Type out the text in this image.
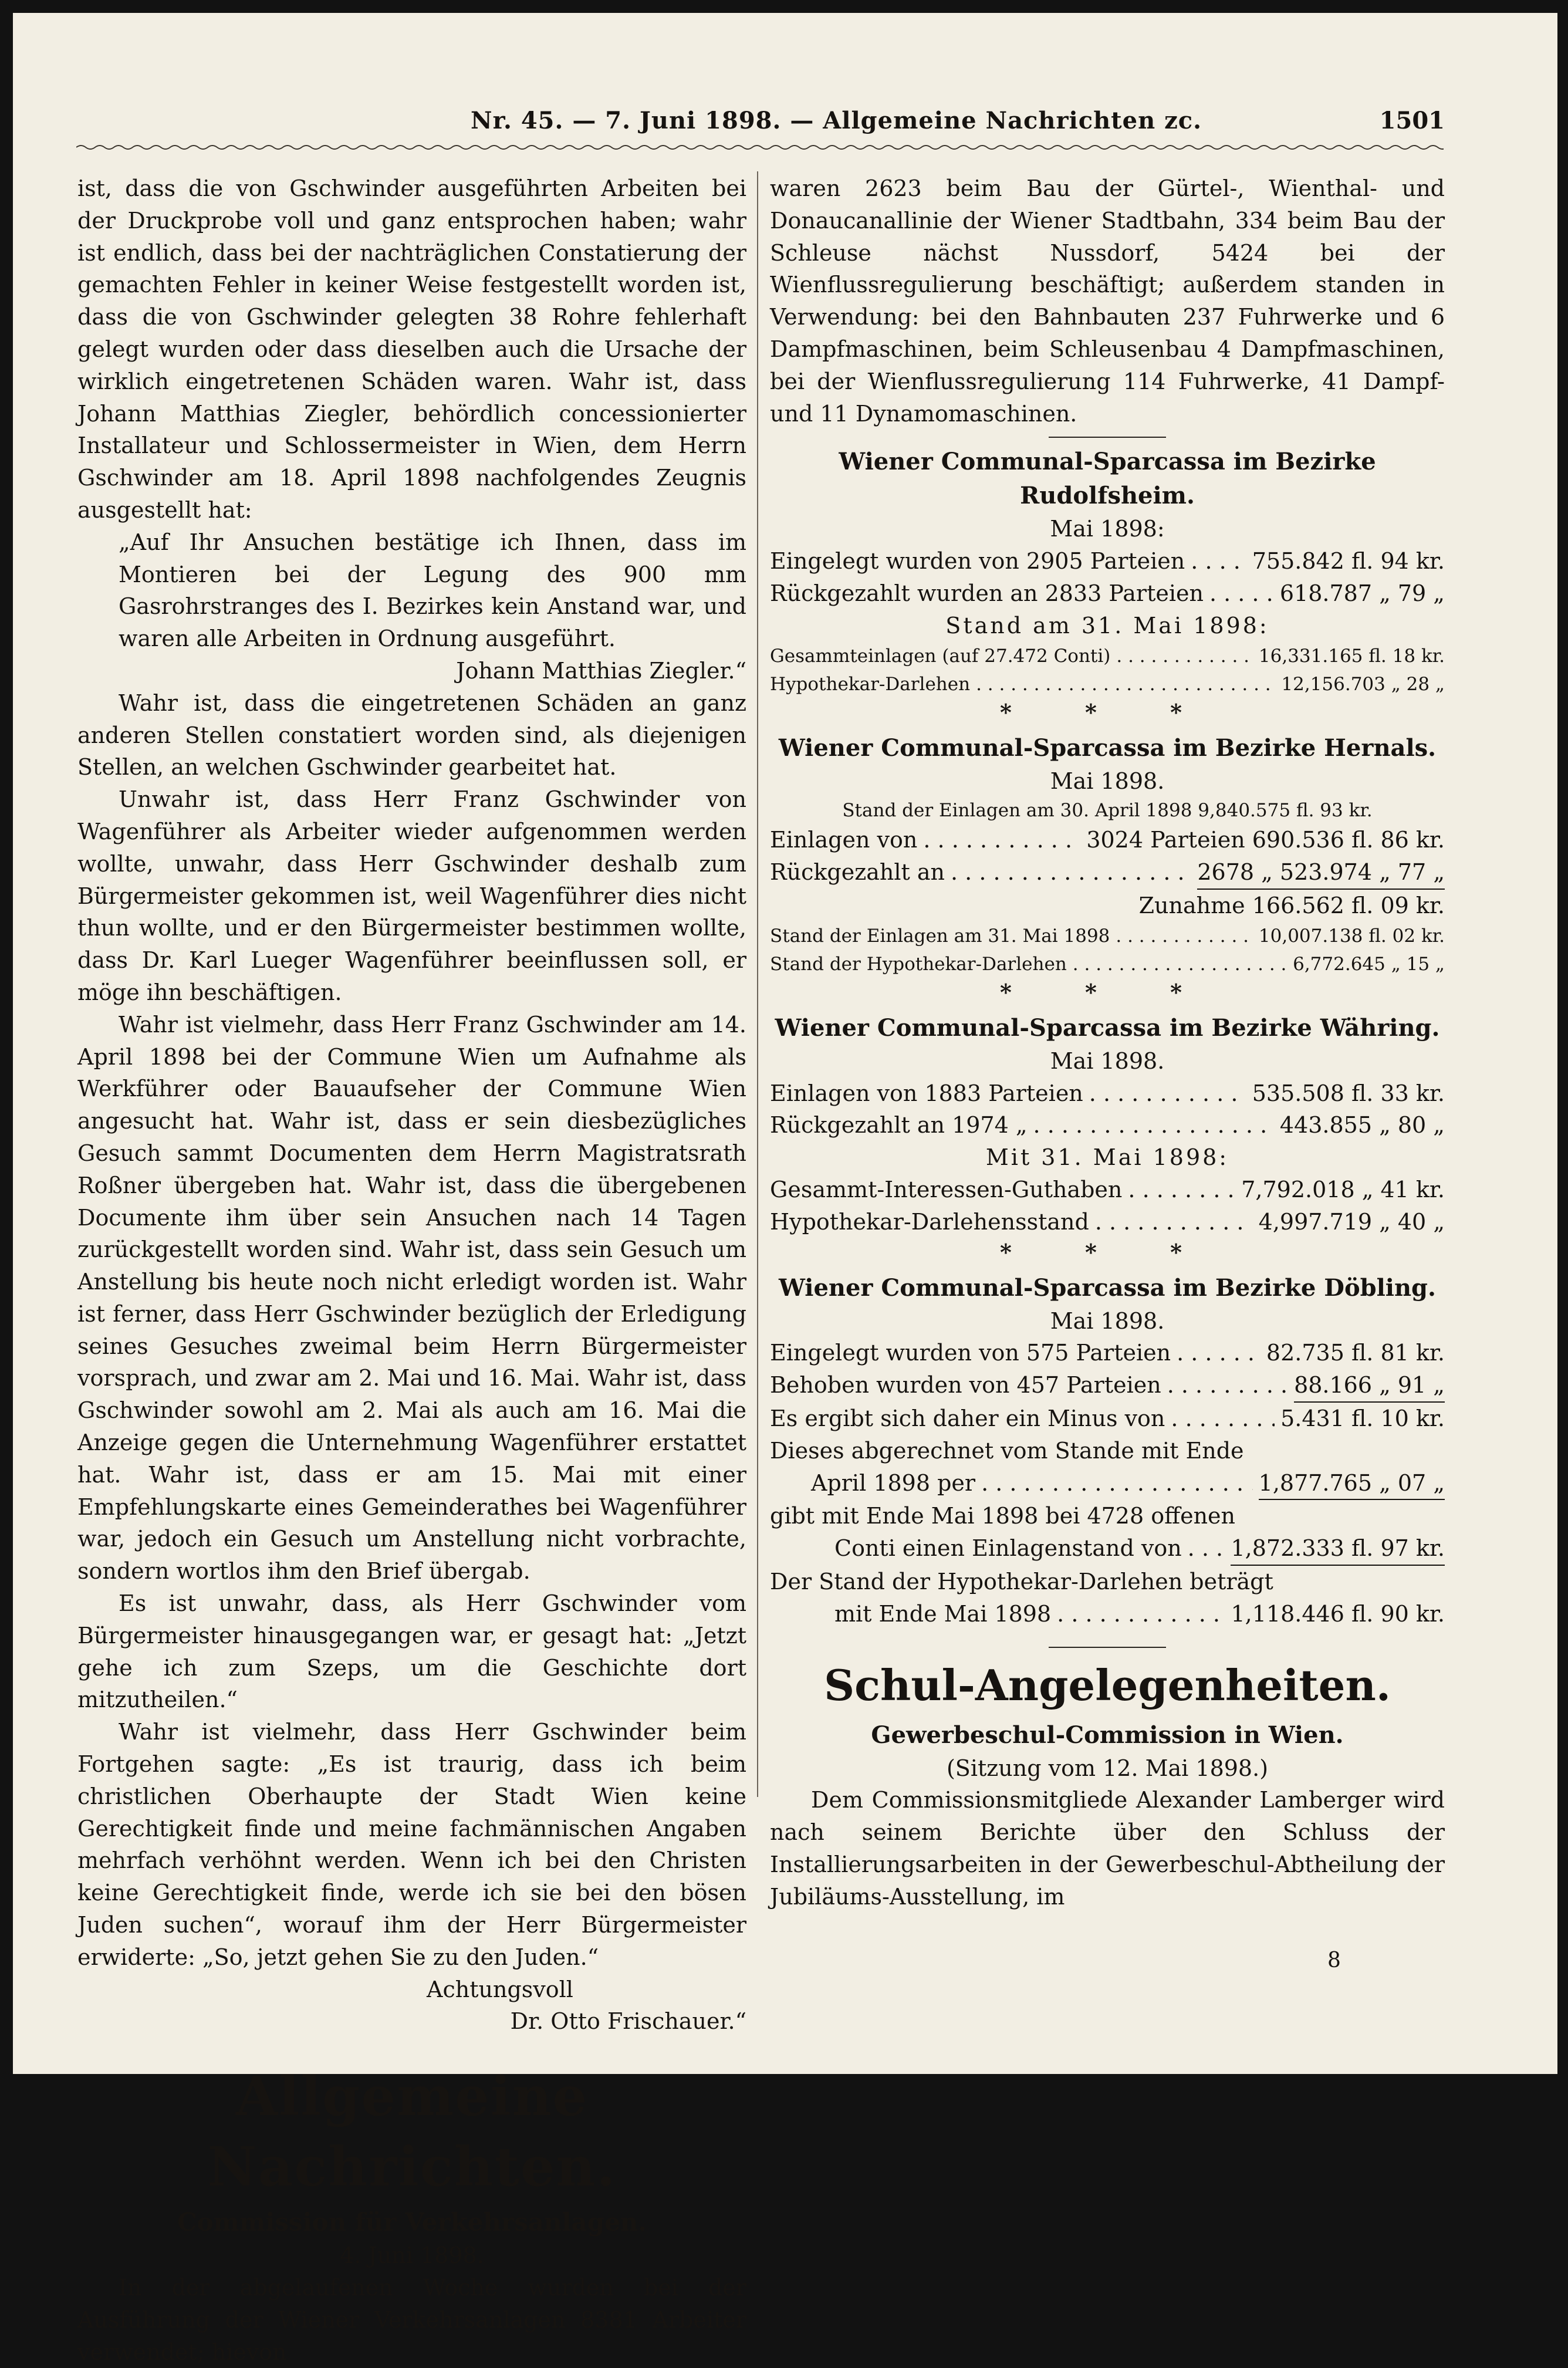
Nr. 45. — 7. Juni 1898. — Allgemeine Nachrichten zc.	1501

ist, dass die von Gschwinder ausgeführten Arbeiten bei der Druckprobe voll und ganz entsprochen haben; wahr ist endlich, dass bei der nachträglichen Constatierung der gemachten Fehler in keiner Weise festgestellt worden ist, dass die von Gschwinder gelegten 38 Rohre fehlerhaft gelegt wurden oder dass dieselben auch die Ursache der wirklich eingetretenen Schäden waren. Wahr ist, dass Johann Matthias Ziegler, behördlich concessionierter Installateur und Schlossermeister in Wien, dem Herrn Gschwinder am 18. April 1898 nachfolgendes Zeugnis ausgestellt hat:

„Auf Ihr Ansuchen bestätige ich Ihnen, dass im Montieren bei der Legung des 900 mm Gasrohrstranges des I. Bezirkes kein Anstand war, und waren alle Arbeiten in Ordnung ausgeführt.

Johann Matthias Ziegler.“

Wahr ist, dass die eingetretenen Schäden an ganz anderen Stellen constatiert worden sind, als diejenigen Stellen, an welchen Gschwinder gearbeitet hat.

Unwahr ist, dass Herr Franz Gschwinder von Wagenführer als Arbeiter wieder aufgenommen werden wollte, unwahr, dass Herr Gschwinder deshalb zum Bürgermeister gekommen ist, weil Wagenführer dies nicht thun wollte, und er den Bürgermeister bestimmen wollte, dass Dr. Karl Lueger Wagenführer beeinflussen soll, er möge ihn beschäftigen.

Wahr ist vielmehr, dass Herr Franz Gschwinder am 14. April 1898 bei der Commune Wien um Aufnahme als Werkführer oder Bauaufseher der Commune Wien angesucht hat. Wahr ist, dass er sein diesbezügliches Gesuch sammt Documenten dem Herrn Magistratsrath Roßner übergeben hat. Wahr ist, dass die übergebenen Documente ihm über sein Ansuchen nach 14 Tagen zurückgestellt worden sind. Wahr ist, dass sein Gesuch um Anstellung bis heute noch nicht erledigt worden ist. Wahr ist ferner, dass Herr Gschwinder bezüglich der Erledigung seines Gesuches zweimal beim Herrn Bürgermeister vorsprach, und zwar am 2. Mai und 16. Mai. Wahr ist, dass Gschwinder sowohl am 2. Mai als auch am 16. Mai die Anzeige gegen die Unternehmung Wagenführer erstattet hat. Wahr ist, dass er am 15. Mai mit einer Empfehlungskarte eines Gemeinderathes bei Wagenführer war, jedoch ein Gesuch um Anstellung nicht vorbrachte, sondern wortlos ihm den Brief übergab.

Es ist unwahr, dass, als Herr Gschwinder vom Bürgermeister hinausgegangen war, er gesagt hat: „Jetzt gehe ich zum Szeps, um die Geschichte dort mitzutheilen.“

Wahr ist vielmehr, dass Herr Gschwinder beim Fortgehen sagte: „Es ist traurig, dass ich beim christlichen Oberhaupte der Stadt Wien keine Gerechtigkeit finde und meine fachmännischen Angaben mehrfach verhöhnt werden. Wenn ich bei den Christen keine Gerechtigkeit finde, werde ich sie bei den bösen Juden suchen“, worauf ihm der Herr Bürgermeister erwiderte: „So, jetzt gehen Sie zu den Juden.“

Achtungsvoll

Dr. Otto Frischauer.“

Allgemeine Nachrichten.
Commission für Verkehrsanlagen.
4. Juni 1898.

In der abgelaufenen Woche wurden bei der Ausführung der Wiener Verkehrsanlagen 8381 Arbeiter verwendet; hievon

waren 2623 beim Bau der Gürtel-, Wienthal- und Donaucanallinie der Wiener Stadtbahn, 334 beim Bau der Schleuse nächst Nussdorf, 5424 bei der Wienflussregulierung beschäftigt; außerdem standen in Verwendung: bei den Bahnbauten 237 Fuhrwerke und 6 Dampfmaschinen, beim Schleusenbau 4 Dampfmaschinen, bei der Wienflussregulierung 114 Fuhrwerke, 41 Dampf- und 11 Dynamomaschinen.

Wiener Communal-Sparcassa im Bezirke Rudolfsheim.
Mai 1898:
Eingelegt wurden von 2905 Parteien . . .	755.842 fl. 94 kr.
Rückgezahlt wurden an 2833 Parteien . . .	618.787 „ 79 „
Stand am 31. Mai 1898:
Gesammteinlagen (auf 27.472 Conti) . . .	16,331.165 fl. 18 kr.
Hypothekar-Darlehen . . .	12,156.703 „ 28 „
* * *
Wiener Communal-Sparcassa im Bezirke Hernals.
Mai 1898.
Stand der Einlagen am 30. April 1898 9,840.575 fl. 93 kr.
Einlagen von . . .	3024 Parteien 690.536 fl. 86 kr.
Rückgezahlt an . . .	2678 „ 523.974 „ 77 „
Zunahme 166.562 fl. 09 kr.
Stand der Einlagen am 31. Mai 1898 . . .	10,007.138 fl. 02 kr.
Stand der Hypothekar-Darlehen . . .	6,772.645 „ 15 „
* * *
Wiener Communal-Sparcassa im Bezirke Währing.
Mai 1898.
Einlagen von 1883 Parteien . . .	535.508 fl. 33 kr.
Rückgezahlt an 1974 „ . . .	443.855 „ 80 „
Mit 31. Mai 1898:
Gesammt-Interessen-Guthaben . . .	7,792.018 „ 41 kr.
Hypothekar-Darlehensstand . . .	4,997.719 „ 40 „
* * *
Wiener Communal-Sparcassa im Bezirke Döbling.
Mai 1898.
Eingelegt wurden von 575 Parteien . . .	82.735 fl. 81 kr.
Behoben wurden von 457 Parteien . . .	88.166 „ 91 „
Es ergibt sich daher ein Minus von . . .	5.431 fl. 10 kr.
Dieses abgerechnet vom Stande mit Ende
April 1898 per . . .	1,877.765 „ 07 „
gibt mit Ende Mai 1898 bei 4728 offenen
Conti einen Einlagenstand von . . . 1,872.333 fl. 97 kr.
Der Stand der Hypothekar-Darlehen beträgt
mit Ende Mai 1898 . . .	1,118.446 fl. 90 kr.
Schul-Angelegenheiten.
Gewerbeschul-Commission in Wien.
(Sitzung vom 12. Mai 1898.)

Dem Commissionsmitgliede Alexander Lamberger wird nach seinem Berichte über den Schluss der Installierungsarbeiten in der Gewerbeschul-Abtheilung der Jubiläums-Ausstellung, im

8
